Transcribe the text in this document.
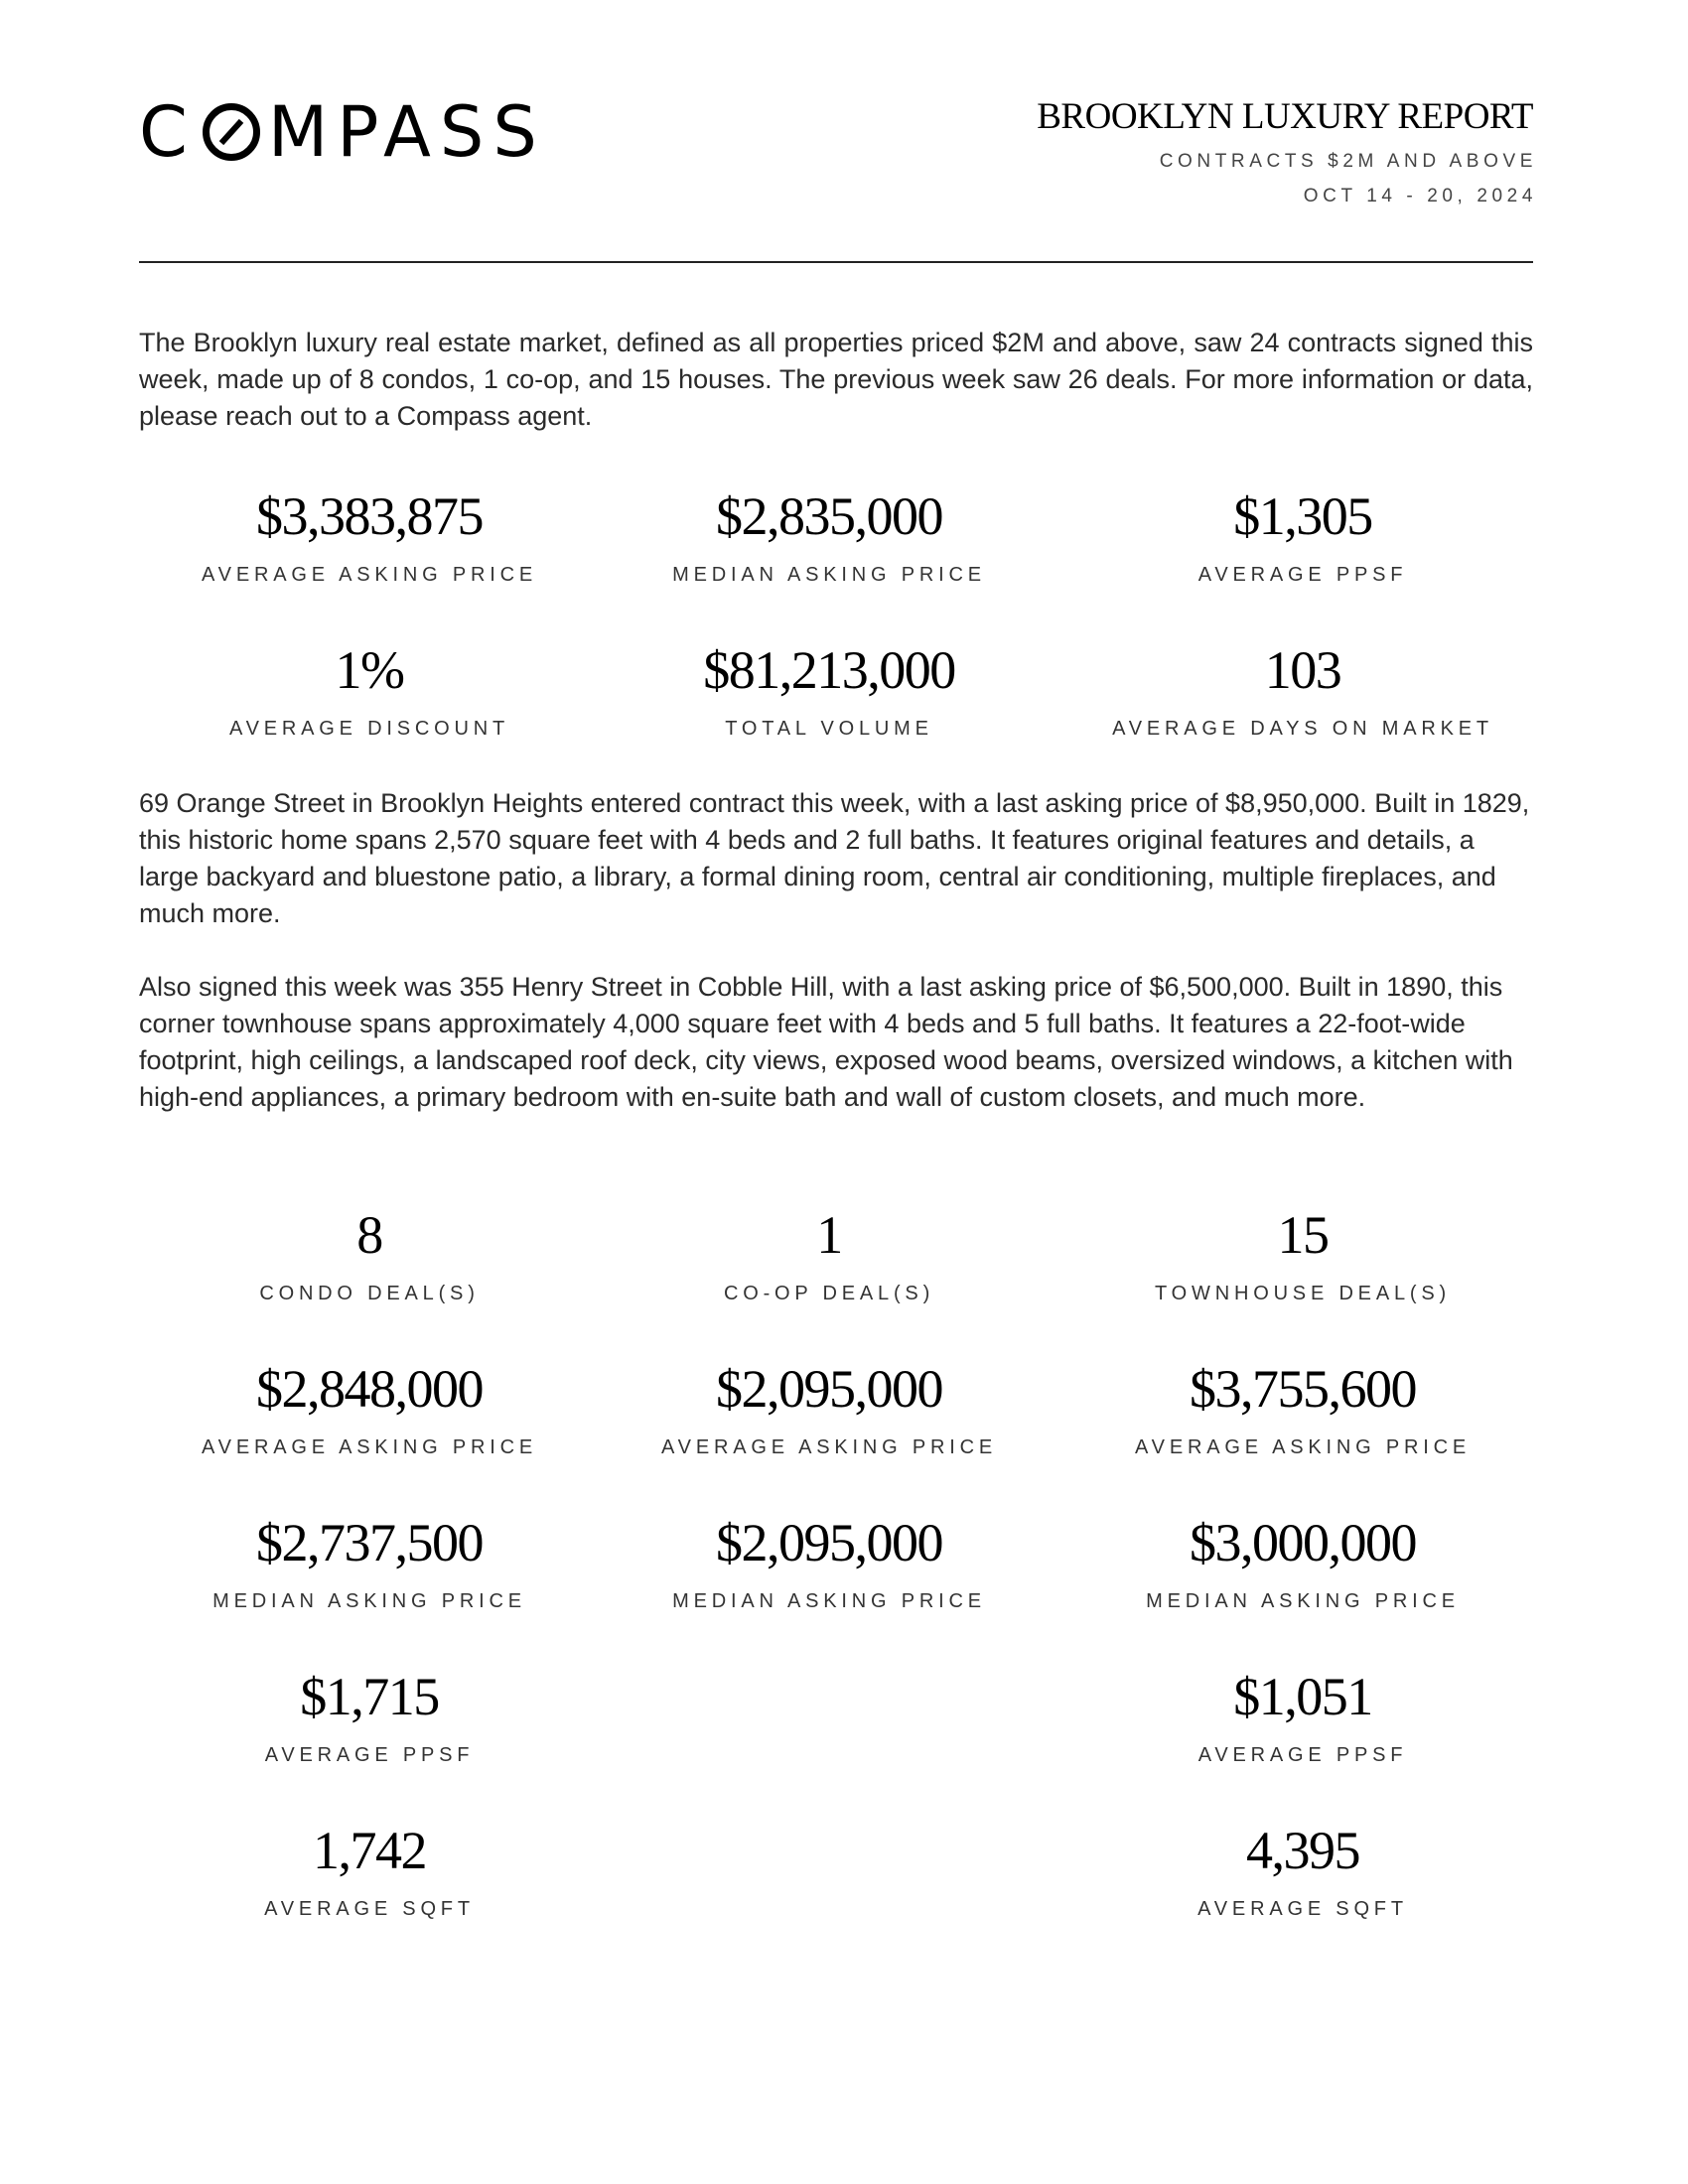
C MPASS	BROOKLYN LUXURY REPORT
CONTRACTS $2M AND ABOVE
OCT 14 - 20, 2024

The Brooklyn luxury real estate market, defined as all properties priced $2M and above, saw 24 contracts signed this week, made up of 8 condos, 1 co-op, and 15 houses. The previous week saw 26 deals. For more information or data, please reach out to a Compass agent.

$3,383,875
AVERAGE ASKING PRICE
$2,835,000
MEDIAN ASKING PRICE
$1,305
AVERAGE PPSF
1%
AVERAGE DISCOUNT
$81,213,000
TOTAL VOLUME
103
AVERAGE DAYS ON MARKET

69 Orange Street in Brooklyn Heights entered contract this week, with a last asking price of $8,950,000. Built in 1829, this historic home spans 2,570 square feet with 4 beds and 2 full baths. It features original features and details, a large backyard and bluestone patio, a library, a formal dining room, central air conditioning, multiple fireplaces, and much more.

Also signed this week was 355 Henry Street in Cobble Hill, with a last asking price of $6,500,000. Built in 1890, this corner townhouse spans approximately 4,000 square feet with 4 beds and 5 full baths. It features a 22-foot-wide footprint, high ceilings, a landscaped roof deck, city views, exposed wood beams, oversized windows, a kitchen with high-end appliances, a primary bedroom with en-suite bath and wall of custom closets, and much more.

8
CONDO DEAL(S)
1
CO-OP DEAL(S)
15
TOWNHOUSE DEAL(S)
$2,848,000
AVERAGE ASKING PRICE
$2,095,000
AVERAGE ASKING PRICE
$3,755,600
AVERAGE ASKING PRICE
$2,737,500
MEDIAN ASKING PRICE
$2,095,000
MEDIAN ASKING PRICE
$3,000,000
MEDIAN ASKING PRICE
$1,715
AVERAGE PPSF
$1,051
AVERAGE PPSF
1,742
AVERAGE SQFT
4,395
AVERAGE SQFT
